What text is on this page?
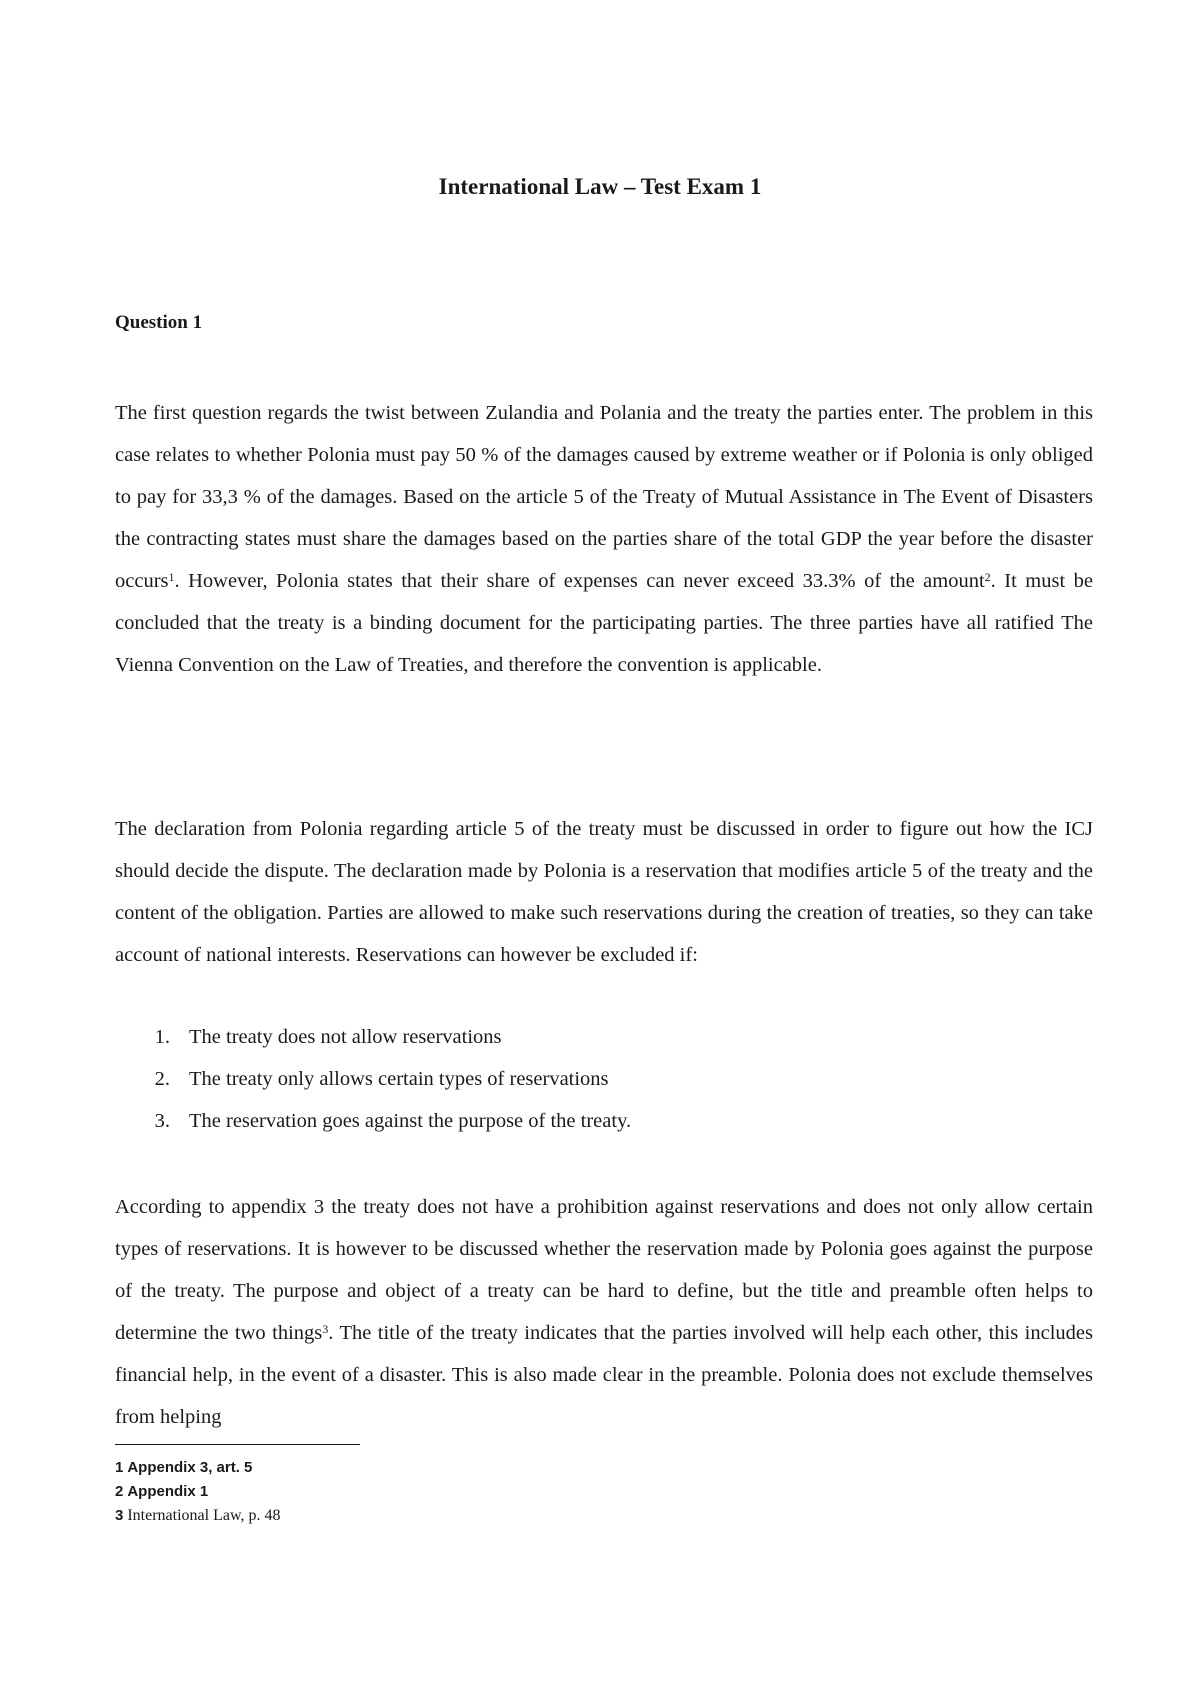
International Law – Test Exam 1
Question 1

The first question regards the twist between Zulandia and Polania and the treaty the parties enter. The problem in this case relates to whether Polonia must pay 50 % of the damages caused by extreme weather or if Polonia is only obliged to pay for 33,3 % of the damages. Based on the article 5 of the Treaty of Mutual Assistance in The Event of Disasters the contracting states must share the damages based on the parties share of the total GDP the year before the disaster occurs$^1$. However, Polonia states that their share of expenses can never exceed 33.3% of the amount$^2$. It must be concluded that the treaty is a binding document for the participating parties. The three parties have all ratified The Vienna Convention on the Law of Treaties, and therefore the convention is applicable.

The declaration from Polonia regarding article 5 of the treaty must be discussed in order to figure out how the ICJ should decide the dispute. The declaration made by Polonia is a reservation that modifies article 5 of the treaty and the content of the obligation. Parties are allowed to make such reservations during the creation of treaties, so they can take account of national interests. Reservations can however be excluded if:

1. The treaty does not allow reservations
2. The treaty only allows certain types of reservations
3. The reservation goes against the purpose of the treaty.

According to appendix 3 the treaty does not have a prohibition against reservations and does not only allow certain types of reservations. It is however to be discussed whether the reservation made by Polonia goes against the purpose of the treaty. The purpose and object of a treaty can be hard to define, but the title and preamble often helps to determine the two things$^3$. The title of the treaty indicates that the parties involved will help each other, this includes financial help, in the event of a disaster. This is also made clear in the preamble. Polonia does not exclude themselves from helping

1 Appendix 3, art. 5
2 Appendix 1
3 International Law, p. 48
